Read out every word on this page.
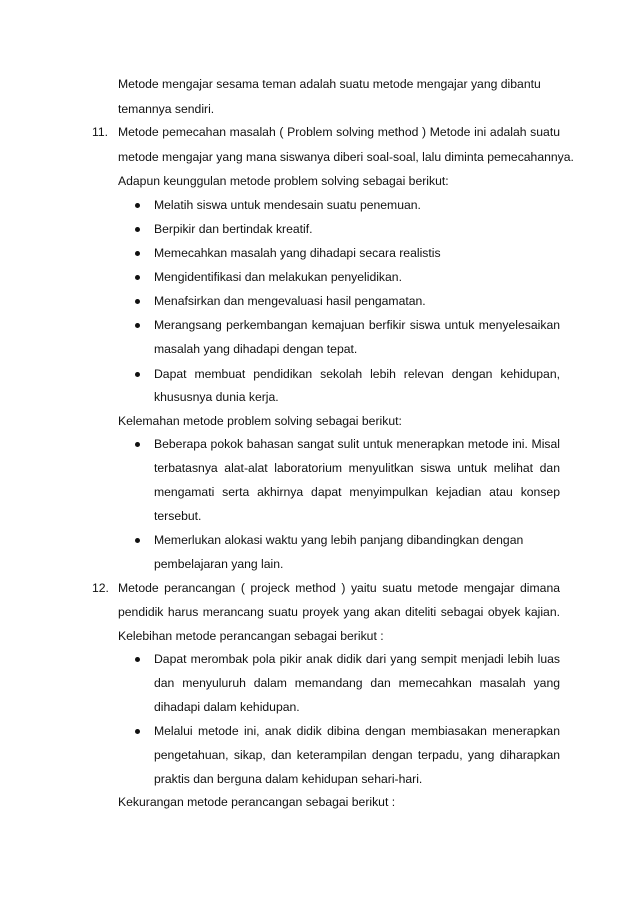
Metode mengajar sesama teman adalah suatu metode mengajar yang dibantu
temannya sendiri.
11. Metode pemecahan masalah ( Problem solving method ) Metode ini adalah suatu
metode mengajar yang mana siswanya diberi soal-soal, lalu diminta pemecahannya.
Adapun keunggulan metode problem solving sebagai berikut:
Melatih siswa untuk mendesain suatu penemuan.
Berpikir dan bertindak kreatif.
Memecahkan masalah yang dihadapi secara realistis
Mengidentifikasi dan melakukan penyelidikan.
Menafsirkan dan mengevaluasi hasil pengamatan.
Merangsang perkembangan kemajuan berfikir siswa untuk menyelesaikan
masalah yang dihadapi dengan tepat.
Dapat membuat pendidikan sekolah lebih relevan dengan kehidupan,
khususnya dunia kerja.
Kelemahan metode problem solving sebagai berikut:
Beberapa pokok bahasan sangat sulit untuk menerapkan metode ini. Misal
terbatasnya alat-alat laboratorium menyulitkan siswa untuk melihat dan
mengamati serta akhirnya dapat menyimpulkan kejadian atau konsep
tersebut.
Memerlukan alokasi waktu yang lebih panjang dibandingkan dengan
pembelajaran yang lain.
12. Metode perancangan ( projeck method ) yaitu suatu metode mengajar dimana
pendidik harus merancang suatu proyek yang akan diteliti sebagai obyek kajian.
Kelebihan metode perancangan sebagai berikut :
Dapat merombak pola pikir anak didik dari yang sempit menjadi lebih luas
dan menyuluruh dalam memandang dan memecahkan masalah yang
dihadapi dalam kehidupan.
Melalui metode ini, anak didik dibina dengan membiasakan menerapkan
pengetahuan, sikap, dan keterampilan dengan terpadu, yang diharapkan
praktis dan berguna dalam kehidupan sehari-hari.
Kekurangan metode perancangan sebagai berikut :
